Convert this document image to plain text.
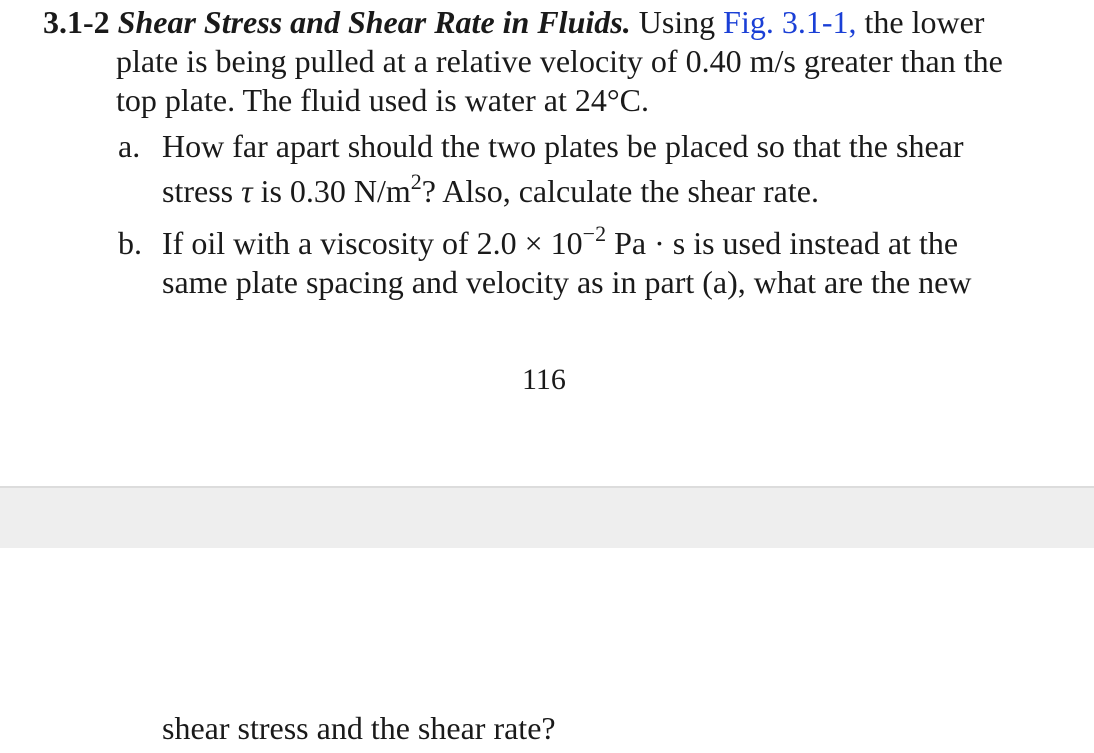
3.1-2 Shear Stress and Shear Rate in Fluids. Using Fig. 3.1-1, the lower
plate is being pulled at a relative velocity of 0.40 m/s greater than the
top plate. The fluid used is water at 24°C.
a. How far apart should the two plates be placed so that the shear
stress τ is 0.30 $N/m^2$? Also, calculate the shear rate.
b. If oil with a viscosity of $2.0 \times 10^{-2}$ Pa · s is used instead at the
same plate spacing and velocity as in part (a), what are the new
116
shear stress and the shear rate?
